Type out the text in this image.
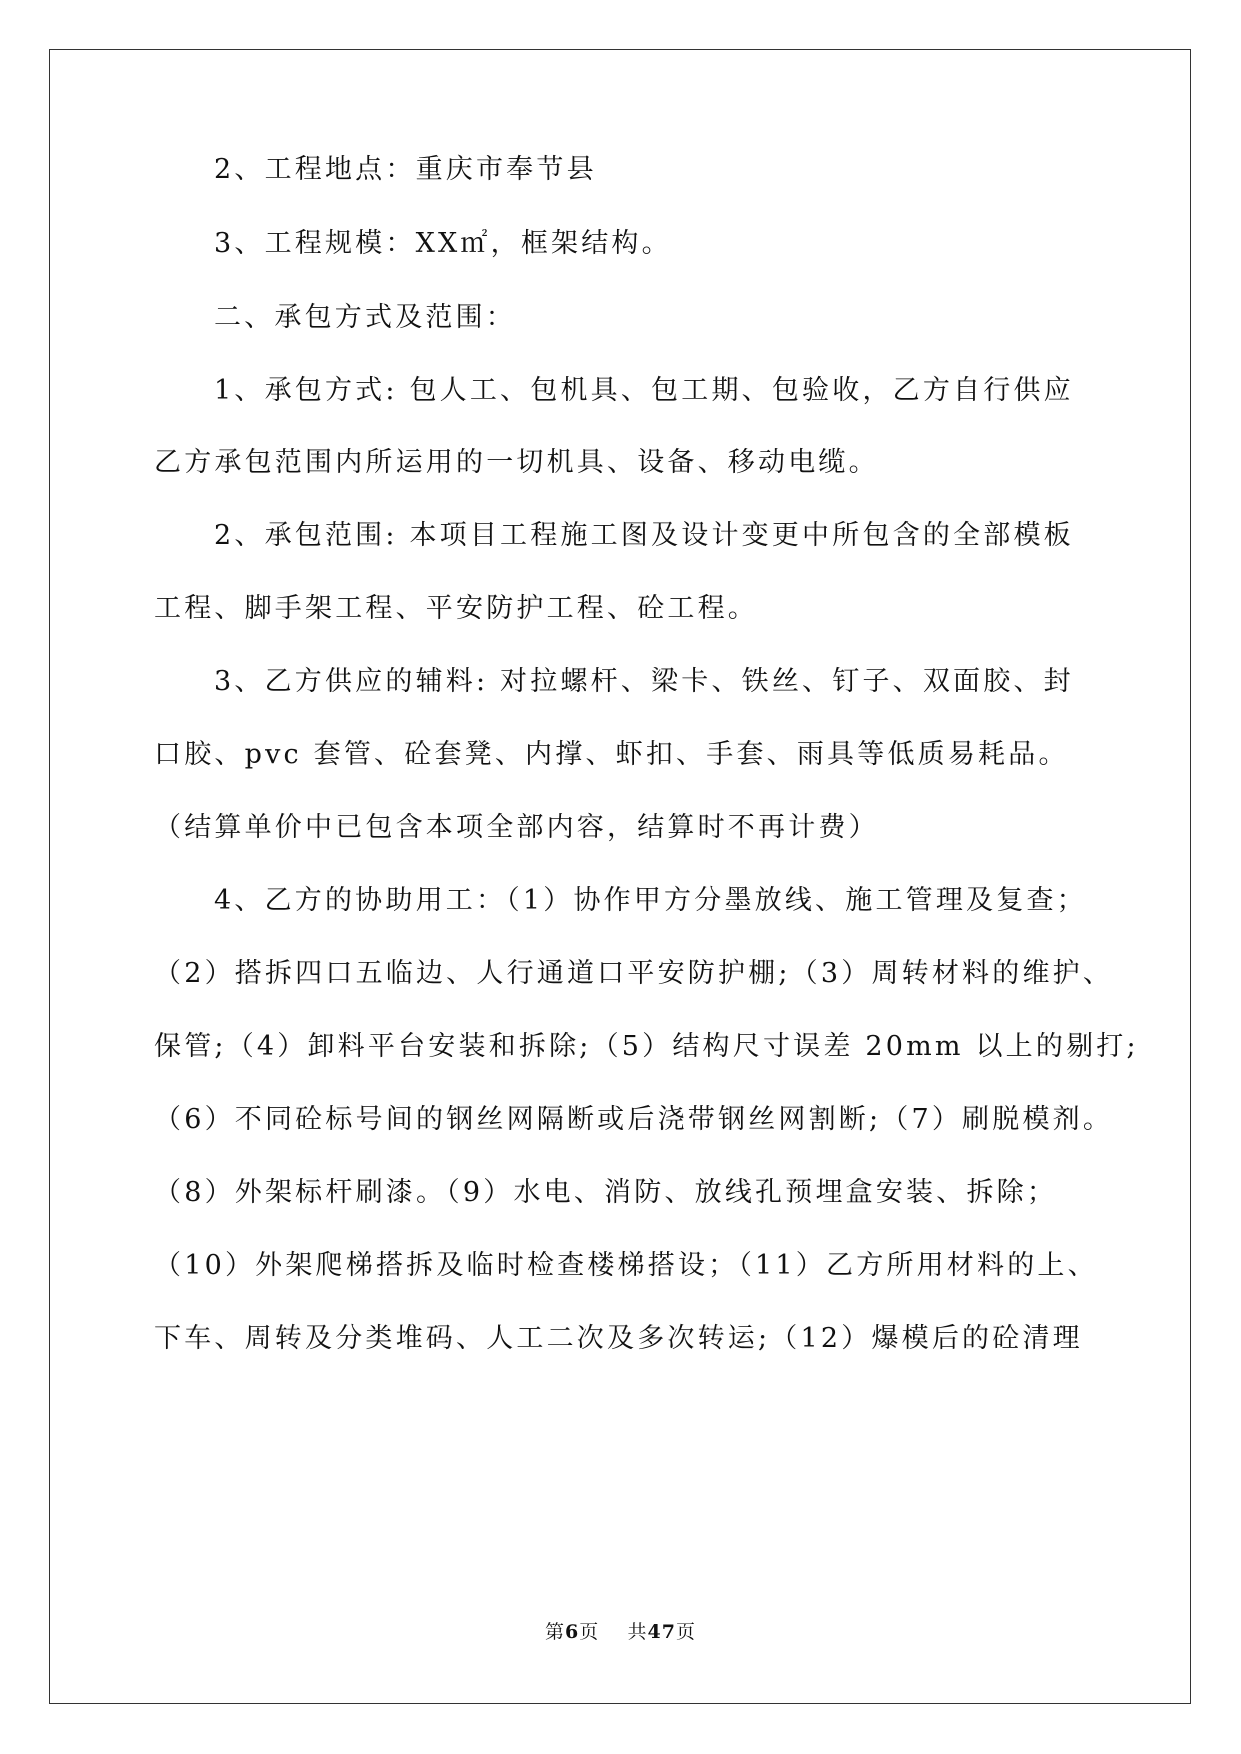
2、工程地点：重庆市奉节县
3、工程规模：XX㎡，框架结构。
二、承包方式及范围：
1、承包方式: 包人工、包机具、包工期、包验收，乙方自行供应
乙方承包范围内所运用的一切机具、设备、移动电缆。
2、承包范围: 本项目工程施工图及设计变更中所包含的全部模板
工程、脚手架工程、平安防护工程、砼工程。
3、乙方供应的辅料: 对拉螺杆、梁卡、铁丝、钉子、双面胶、封
口胶、pvc 套管、砼套凳、内撑、虾扣、手套、雨具等低质易耗品。
（结算单价中已包含本项全部内容，结算时不再计费）
4、乙方的协助用工：（1）协作甲方分墨放线、施工管理及复查；
（2）搭拆四口五临边、人行通道口平安防护棚;（3）周转材料的维护、
保管;（4）卸料平台安装和拆除;（5）结构尺寸误差 20mm 以上的剔打;
（6）不同砼标号间的钢丝网隔断或后浇带钢丝网割断;（7）刷脱模剂。
（8）外架标杆刷漆。（9）水电、消防、放线孔预埋盒安装、拆除；
（10）外架爬梯搭拆及临时检查楼梯搭设；（11）乙方所用材料的上、
下车、周转及分类堆码、人工二次及多次转运;（12）爆模后的砼清理
第6页 共47页
